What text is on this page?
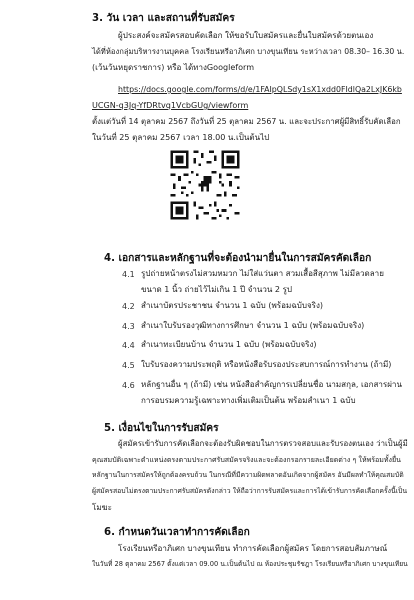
3. วัน เวลา และสถานที่รับสมัคร
ผู้ประสงค์จะสมัครสอบคัดเลือก ให้ขอรับใบสมัครและยื่นใบสมัครด้วยตนเอง
ได้ที่ห้องกลุ่มบริหารงานบุคคล โรงเรียนหรีอาภิเศก บางขุนเทียน ระหว่างเวลา 08.30– 16.30 น.
(เว้นวันหยุดราชการ) หรือ ได้ทางGoogleform
https://docs.google.com/forms/d/e/1FAIpQLSdy1sX1xdd0FIdlQa2LxJK6kb
UCGN-q3Jq-YfDRtvq1VcbGUg/viewform
ตั้งแต่วันที่ 14 ตุลาคม 2567 ถึงวันที่ 25 ตุลาคม 2567 น. และจะประกาศผู้มีสิทธิ์รับคัดเลือก
ในวันที่ 25 ตุลาคม 2567 เวลา 18.00 น.เป็นต้นไป
4. เอกสารและหลักฐานที่จะต้องนำมายื่นในการสมัครคัดเลือก
4.1 รูปถ่ายหน้าตรงไม่สวมหมวก ไม่ใส่แว่นตา สวมเสื้อสีสุภาพ ไม่มีลวดลาย
ขนาด 1 นิ้ว ถ่ายไว้ไม่เกิน 1 ปี จำนวน 2 รูป
4.2 สำเนาบัตรประชาชน จำนวน 1 ฉบับ (พร้อมฉบับจริง)
4.3 สำเนาใบรับรองวุฒิทางการศึกษา จำนวน 1 ฉบับ (พร้อมฉบับจริง)
4.4 สำเนาทะเบียนบ้าน จำนวน 1 ฉบับ (พร้อมฉบับจริง)
4.5 ใบรับรองความประพฤติ หรือหนังสือรับรองประสบการณ์การทำงาน (ถ้ามี)
4.6 หลักฐานอื่น ๆ (ถ้ามี) เช่น หนังสือสำคัญการเปลี่ยนชื่อ นามสกุล, เอกสารผ่าน
การอบรมความรู้เฉพาะทางเพิ่มเติมเป็นต้น พร้อมสำเนา 1 ฉบับ
5. เงื่อนไขในการรับสมัคร
ผู้สมัครเข้ารับการคัดเลือกจะต้องรับผิดชอบในการตรวจสอบและรับรองตนเอง ว่าเป็นผู้มี
คุณสมบัติเฉพาะตำแหน่งตรงตามประกาศรับสมัครจริงและจะต้องกรอกรายละเอียดต่าง ๆ ให้พร้อมทั้งยื่น
หลักฐานในการสมัครให้ถูกต้องครบถ้วน ในกรณีที่มีความผิดพลาดอันเกิดจากผู้สมัคร อันมีผลทำให้คุณสมบัติ
ผู้สมัครสอบไม่ตรงตามประกาศรับสมัครดังกล่าว ให้ถือว่าการรับสมัครและการได้เข้ารับการคัดเลือกครั้งนี้เป็น
โมฆะ
6. กำหนดวันเวลาทำการคัดเลือก
โรงเรียนหรีอาภิเศก บางขุนเทียน ทำการคัดเลือกผู้สมัคร โดยการสอบสัมภาษณ์
ในวันที่ 28 ตุลาคม 2567 ตั้งแต่เวลา 09.00 น.เป็นต้นไป ณ ห้องประชุมรัชฎา โรงเรียนหรีอาภิเศก บางขุนเทียน
